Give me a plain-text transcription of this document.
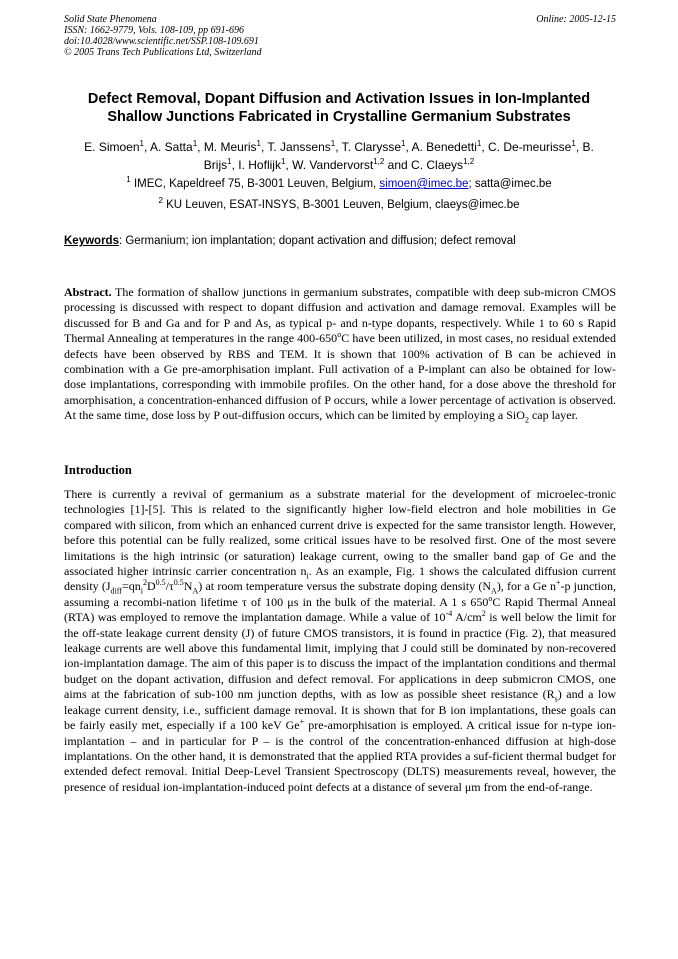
Solid State Phenomena	Online: 2005-12-15
ISSN: 1662-9779, Vols. 108-109, pp 691-696
doi:10.4028/www.scientific.net/SSP.108-109.691
© 2005 Trans Tech Publications Ltd, Switzerland
Defect Removal, Dopant Diffusion and Activation Issues in Ion-Implanted
Shallow Junctions Fabricated in Crystalline Germanium Substrates
E. Simoen$^1$, A. Satta$^1$, M. Meuris$^1$, T. Janssens$^1$, T. Clarysse$^1$, A. Benedetti$^1$, C. De-meurisse$^1$, B. Brijs$^1$, I. Hoflijk$^1$, W. Vandervorst$^{1,2}$ and C. Claeys$^{1,2}$
$^1$ IMEC, Kapeldreef 75, B-3001 Leuven, Belgium, simoen@imec.be; satta@imec.be
$^2$ KU Leuven, ESAT-INSYS, B-3001 Leuven, Belgium, claeys@imec.be
Keywords: Germanium; ion implantation; dopant activation and diffusion; defect removal
Abstract. The formation of shallow junctions in germanium substrates, compatible with deep sub-micron CMOS processing is discussed with respect to dopant diffusion and activation and damage removal. Examples will be discussed for B and Ga and for P and As, as typical p- and n-type dopants, respectively. While 1 to 60 s Rapid Thermal Annealing at temperatures in the range 400-650$^o$C have been utilized, in most cases, no residual extended defects have been observed by RBS and TEM. It is shown that 100% activation of B can be achieved in combination with a Ge pre-amorphisation implant. Full activation of a P-implant can also be obtained for low-dose implantations, corresponding with immobile profiles. On the other hand, for a dose above the threshold for amorphisation, a concentration-enhanced diffusion of P occurs, while a lower percentage of activation is observed. At the same time, dose loss by P out-diffusion occurs, which can be limited by employing a SiO$_2$ cap layer.
Introduction
There is currently a revival of germanium as a substrate material for the development of microelec-tronic technologies [1]-[5]. This is related to the significantly higher low-field electron and hole mobilities in Ge compared with silicon, from which an enhanced current drive is expected for the same transistor length. However, before this potential can be fully realized, some critical issues have to be resolved first. One of the most severe limitations is the high intrinsic (or saturation) leakage current, owing to the smaller band gap of Ge and the associated higher intrinsic carrier concentration $n_i$. As an example, Fig. 1 shows the calculated diffusion current density $(J_{diff}=qn_i^2D^{0.5}/\tau^{0.5}N_A)$ at room temperature versus the substrate doping density $(N_A)$, for a Ge n+-p junction, assuming a recombi-nation lifetime τ of 100 μs in the bulk of the material. A 1 s 650$^o$C Rapid Thermal Anneal (RTA) was employed to remove the implantation damage. While a value of $10^{-4}$ $A/cm^2$ is well below the limit for the off-state leakage current density (J) of future CMOS transistors, it is found in practice (Fig. 2), that measured leakage currents are well above this fundamental limit, implying that J could still be dominated by non-recovered ion-implantation damage. The aim of this paper is to discuss the impact of the implantation conditions and thermal budget on the dopant activation, diffusion and defect removal. For applications in deep submicron CMOS, one aims at the fabrication of sub-100 nm junction depths, with as low as possible sheet resistance $(R_s)$ and a low leakage current density, i.e., sufficient damage removal. It is shown that for B ion implantations, these goals can be fairly easily met, especially if a 100 keV Ge+ pre-amorphisation is employed. A critical issue for n-type ion-implantation – and in particular for P – is the control of the concentration-enhanced diffusion at high-dose implantations. On the other hand, it is demonstrated that the applied RTA provides a suf-ficient thermal budget for extended defect removal. Initial Deep-Level Transient Spectroscopy (DLTS) measurements reveal, however, the presence of residual ion-implantation-induced point defects at a distance of several μm from the end-of-range.
